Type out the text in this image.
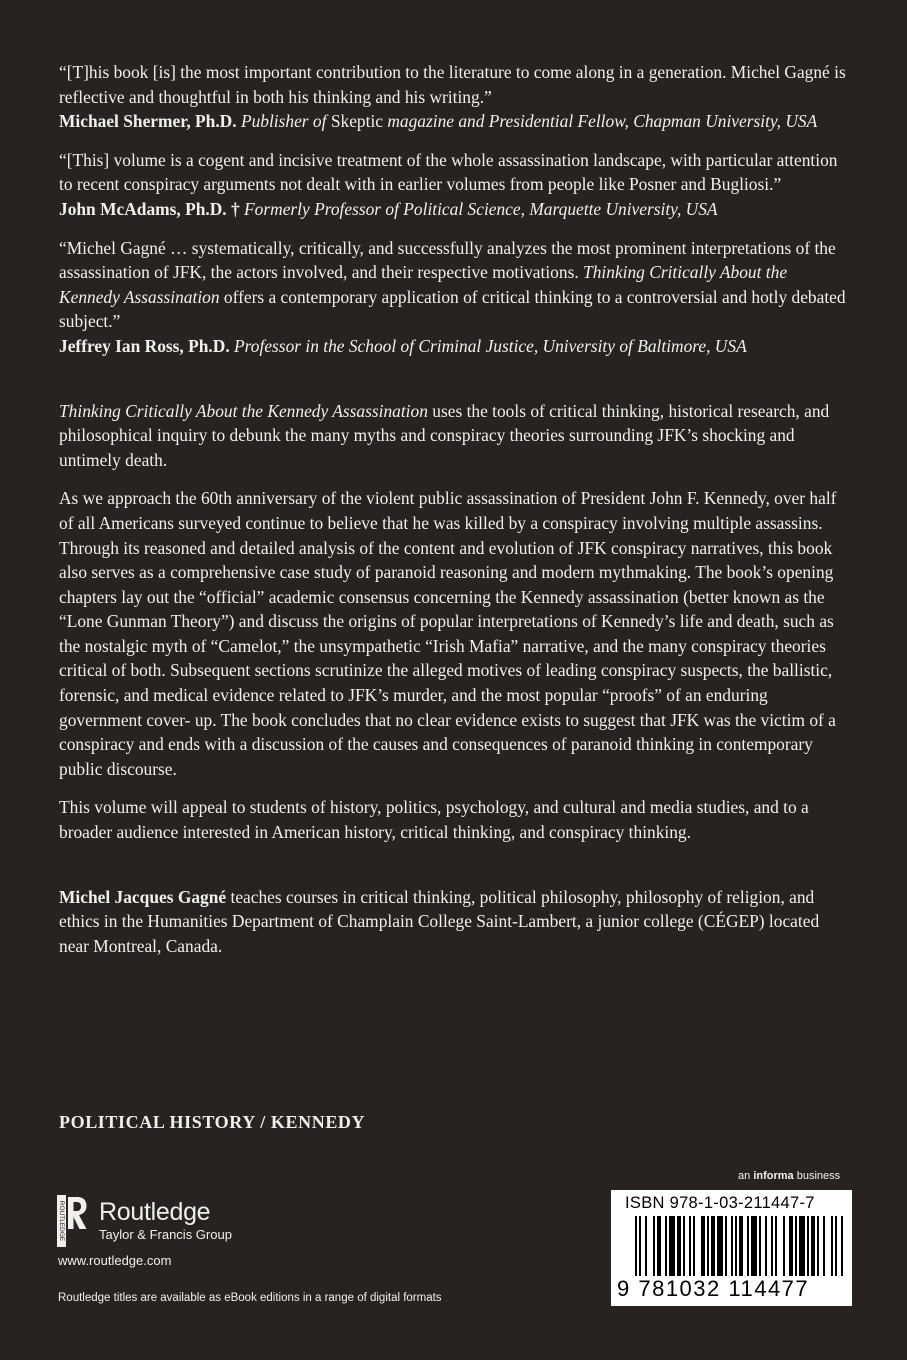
“[T]his book [is] the most important contribution to the literature to come along in a generation. Michel Gagné is reflective and thoughtful in both his thinking and his writing.”

Michael Shermer, Ph.D. Publisher of Skeptic magazine and Presidential Fellow, Chapman University, USA

“[This] volume is a cogent and incisive treatment of the whole assassination landscape, with particular attention to recent conspiracy arguments not dealt with in earlier volumes from people like Posner and Bugliosi.”

John McAdams, Ph.D. † Formerly Professor of Political Science, Marquette University, USA

“Michel Gagné … systematically, critically, and successfully analyzes the most prominent interpretations of the assassination of JFK, the actors involved, and their respective motivations. Thinking Critically About the Kennedy Assassination offers a contemporary application of critical thinking to a controversial and hotly debated subject.”

Jeffrey Ian Ross, Ph.D. Professor in the School of Criminal Justice, University of Baltimore, USA

Thinking Critically About the Kennedy Assassination uses the tools of critical thinking, historical research, and philosophical inquiry to debunk the many myths and conspiracy theories surrounding JFK’s shocking and untimely death.

As we approach the 60th anniversary of the violent public assassination of President John F. Kennedy, over half of all Americans surveyed continue to believe that he was killed by a conspiracy involving multiple assassins. Through its reasoned and detailed analysis of the content and evolution of JFK conspiracy narratives, this book also serves as a comprehensive case study of paranoid reasoning and modern mythmaking. The book’s opening chapters lay out the “official” academic consensus concerning the Kennedy assassination (better known as the “Lone Gunman Theory”) and discuss the origins of popular interpretations of Kennedy’s life and death, such as the nostalgic myth of “Camelot,” the unsympathetic “Irish Mafia” narrative, and the many conspiracy theories critical of both. Subsequent sections scrutinize the alleged motives of leading conspiracy suspects, the ballistic, forensic, and medical evidence related to JFK’s murder, and the most popular “proofs” of an enduring government cover- up. The book concludes that no clear evidence exists to suggest that JFK was the victim of a conspiracy and ends with a discussion of the causes and consequences of paranoid thinking in contemporary public discourse.

This volume will appeal to students of history, politics, psychology, and cultural and media studies, and to a broader audience interested in American history, critical thinking, and conspiracy thinking.

Michel Jacques Gagné teaches courses in critical thinking, political philosophy, philosophy of religion, and ethics in the Humanities Department of Champlain College Saint-Lambert, a junior college (CÉGEP) located near Montreal, Canada.

POLITICAL HISTORY / KENNEDY
an informa business
ROUTLEDGE Routledge
Taylor & Francis Group
www.routledge.com
Routledge titles are available as eBook editions in a range of digital formats
ISBN 978-1-03-211447-7
9 781032 114477
